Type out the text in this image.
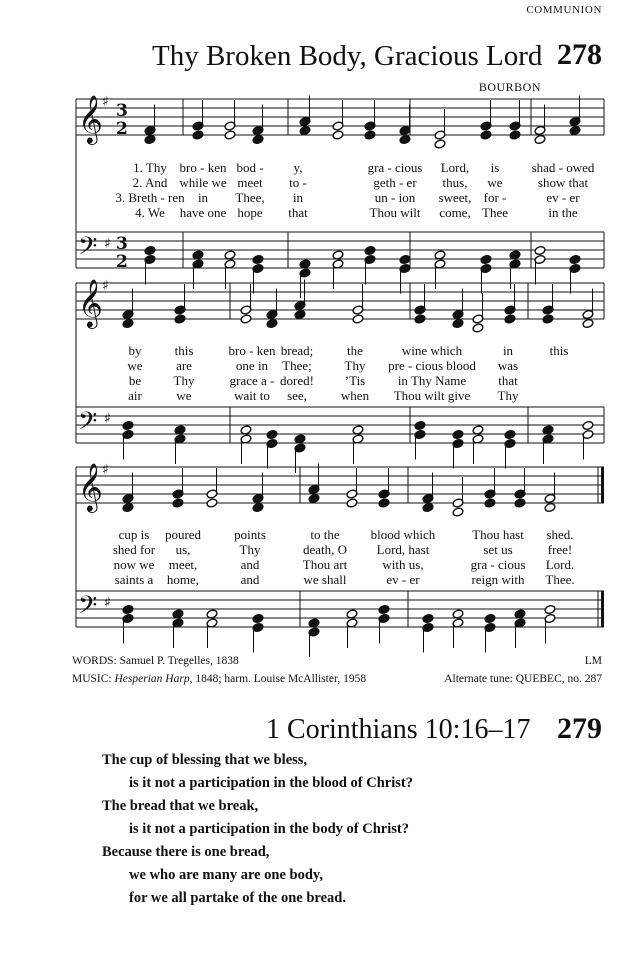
COMMUNION
Thy Broken Body, Gracious Lord 278
BOURBON
𝄞 ♯ 3
2
𝄢 ♯ 3
2
𝄞 ♯
𝄢 ♯
𝄞 ♯
𝄢 ♯
1. Thy bro - ken bod - y,	gra - cious Lord, is shad - owed
2. And while we meet to -	geth - er thus, we	show that
3. Breth - ren in Thee, in	un - ion sweet, for -	ev - er
4. We have one hope that	Thou wilt come, Thee	in the
by	this	bro - ken bread;	the	wine which	in	this
we	are	one in Thee;	Thy pre - cious blood was
be Thy	grace a - dored! ’Tis	in Thy Name that
air	we	wait to see,	when Thou wilt give Thy
cup is poured	points	to the blood which	Thou hast shed.
shed for us,	Thy	death, O Lord, hast	set us	free!
now we meet,	and	Thou art	with us,	gra - cious Lord.
saints a home,	and	we shall	ev - er	reign with Thee.
WORDS: Samuel P. Tregelles, 1838	LM
MUSIC: Hesperian Harp, 1848; harm. Louise McAllister, 1958	Alternate tune: QUEBEC, no. 287
1 Corinthians 10:16–17 279
The cup of blessing that we bless,
is it not a participation in the blood of Christ?
The bread that we break,
is it not a participation in the body of Christ?
Because there is one bread,
we who are many are one body,
for we all partake of the one bread.
